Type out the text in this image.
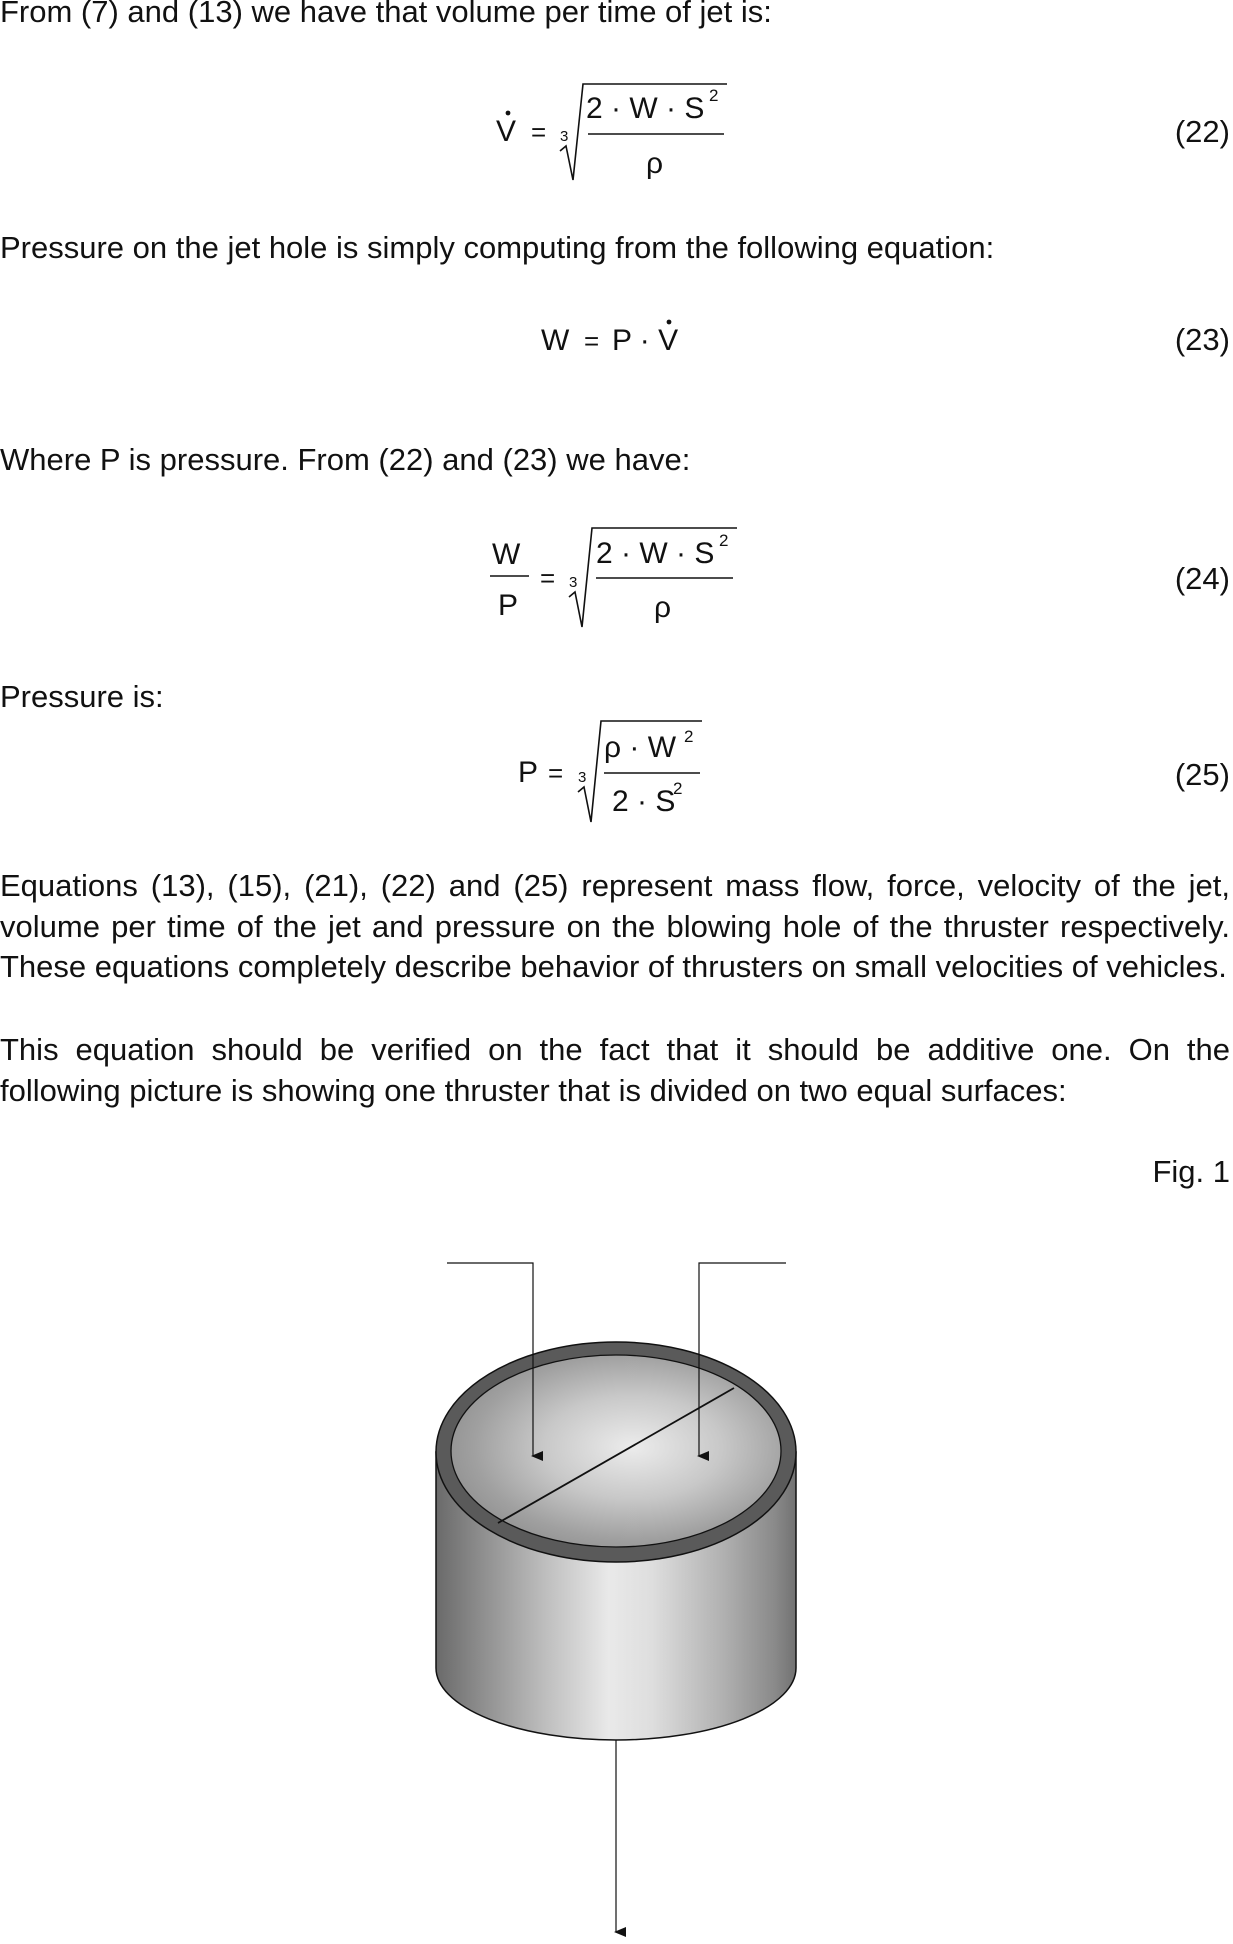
From (7) and (13) we have that volume per time of jet is:

Pressure on the jet hole is simply computing from the following equation:

Where P is pressure. From (22) and (23) we have:

Pressure is:

Equations (13), (15), (21), (22) and (25) represent mass flow, force, velocity of the jet, volume per time of the jet and pressure on the blowing hole of the thruster respectively. These equations completely describe behavior of thrusters on small velocities of vehicles.

This equation should be verified on the fact that it should be additive one. On the following picture is showing one thruster that is divided on two equal surfaces:

(22)
(23)
(24)
(25)
V = 3
2 · W · S 2
ρ
W = P · V
W
P
= 3
2 · W · S 2
ρ
P = 3
ρ · W 2
2 · S
2
Fig. 1
